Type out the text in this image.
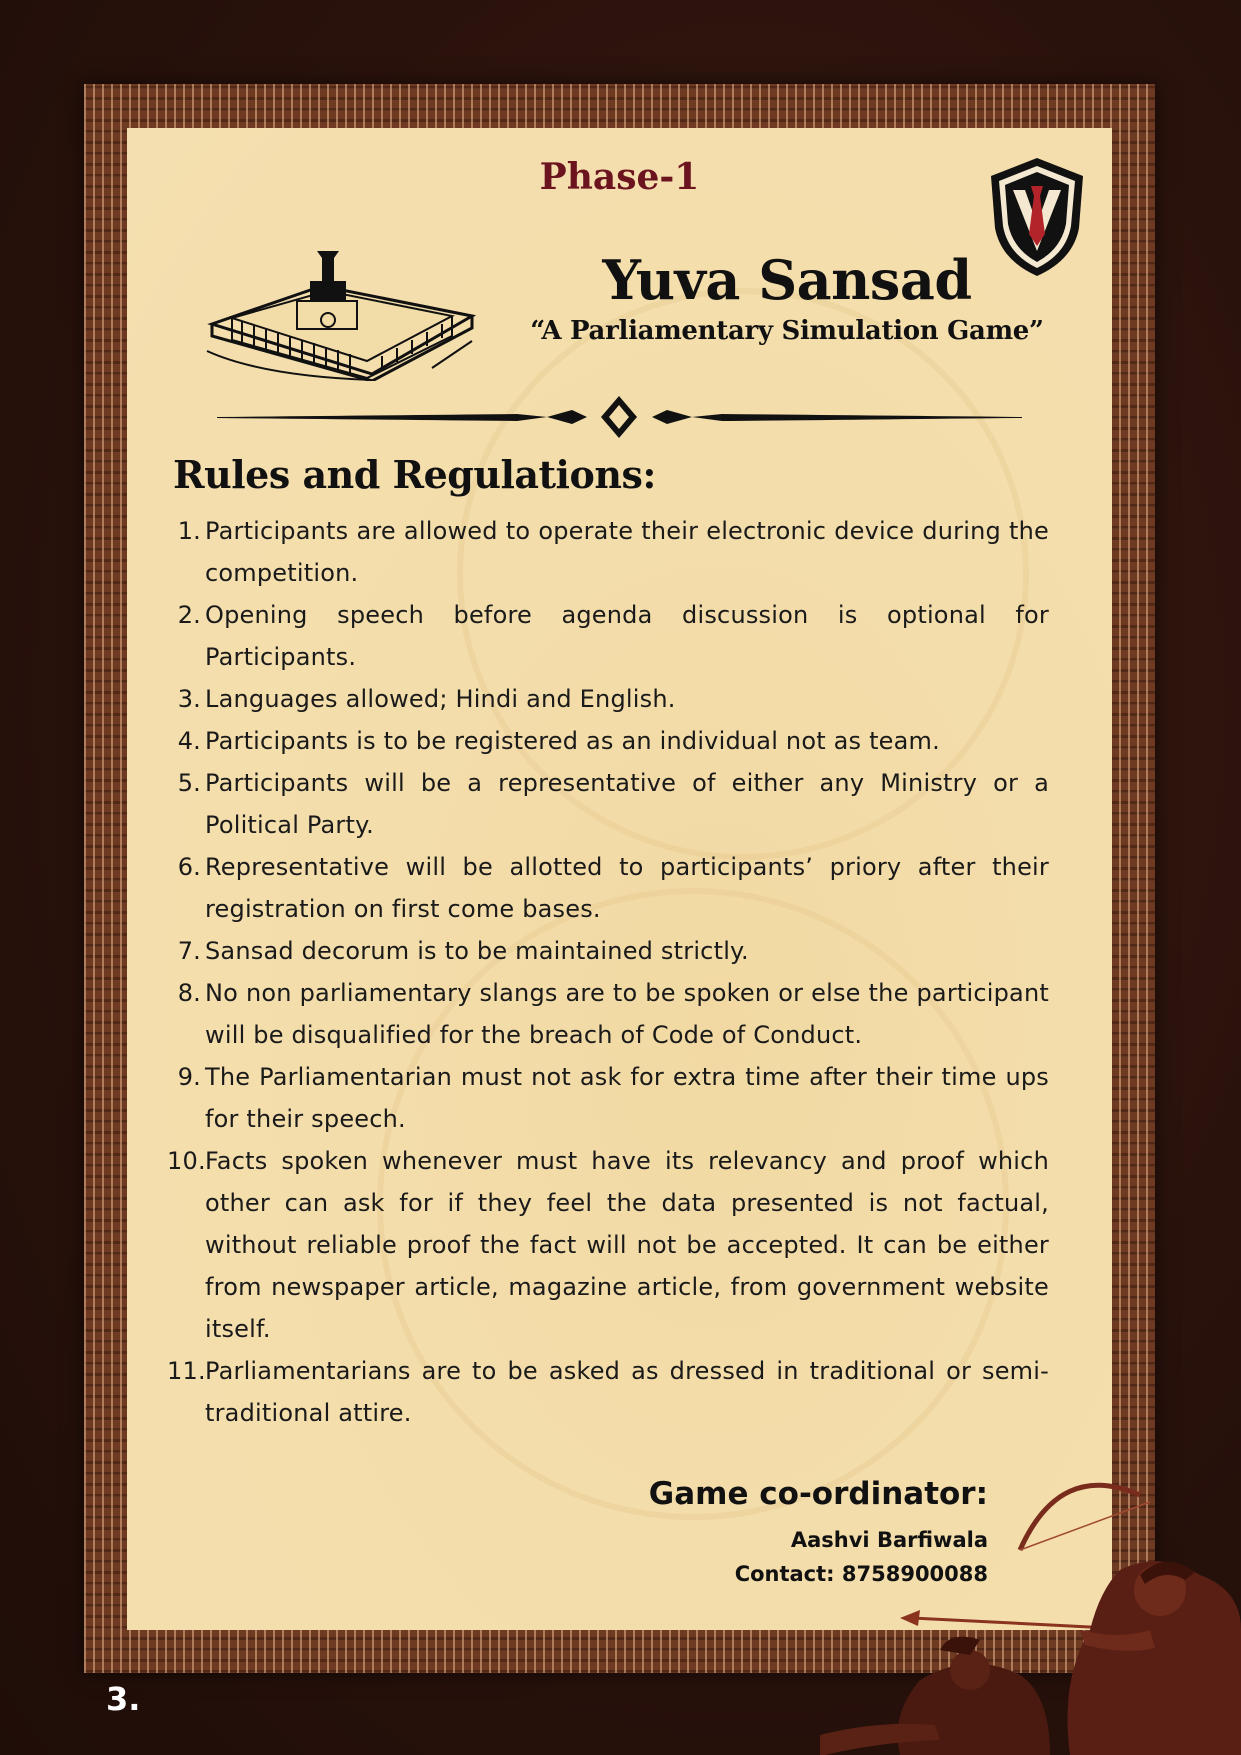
Phase-1
Yuva Sansad

“A Parliamentary Simulation Game”

Rules and Regulations:
1. Participants are allowed to operate their electronic device during the competition.
2. Opening speech before agenda discussion is optional for Participants.
3. Languages allowed; Hindi and English.
4. Participants is to be registered as an individual not as team.
5. Participants will be a representative of either any Ministry or a Political Party.
6. Representative will be allotted to participants’ priory after their registration on first come bases.
7. Sansad decorum is to be maintained strictly.
8. No non parliamentary slangs are to be spoken or else the participant will be disqualified for the breach of Code of Conduct.
9. The Parliamentarian must not ask for extra time after their time ups for their speech.
10. Facts spoken whenever must have its relevancy and proof which other can ask for if they feel the data presented is not factual, without reliable proof the fact will not be accepted. It can be either from newspaper article, magazine article, from government website itself.
11. Parliamentarians are to be asked as dressed in traditional or semi-traditional attire.
Game co-ordinator:

Aashvi Barfiwala

Contact: 8758900088

3.
